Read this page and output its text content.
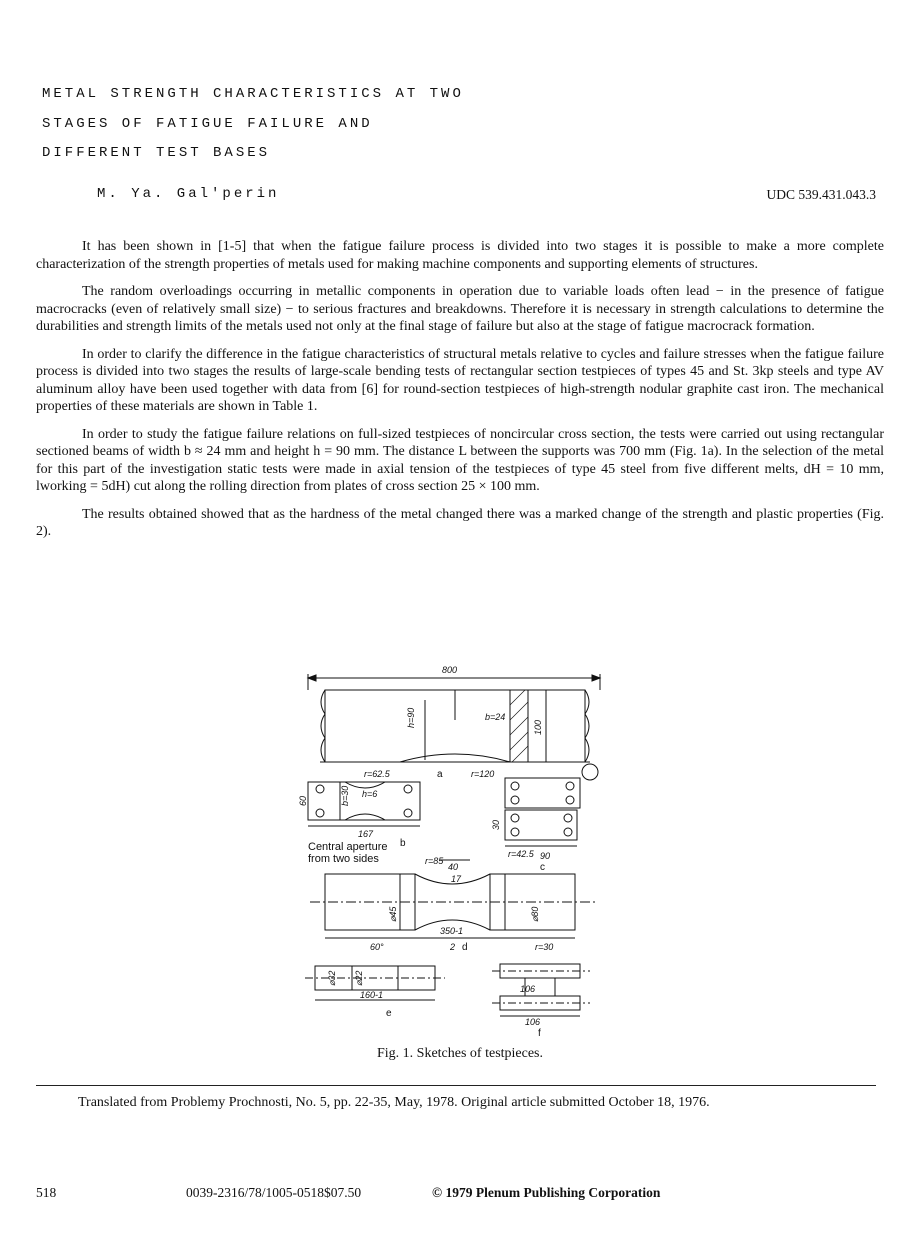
METAL STRENGTH CHARACTERISTICS AT TWO
STAGES OF FATIGUE FAILURE AND
DIFFERENT TEST BASES
M. Ya. Gal'perin	UDC 539.431.043.3

It has been shown in [1-5] that when the fatigue failure process is divided into two stages it is possible to make a more complete characterization of the strength properties of metals used for making machine components and supporting elements of structures.

The random overloadings occurring in metallic components in operation due to variable loads often lead − in the presence of fatigue macrocracks (even of relatively small size) − to serious fractures and breakdowns. Therefore it is necessary in strength calculations to determine the durabilities and strength limits of the metals used not only at the final stage of failure but also at the stage of fatigue macrocrack formation.

In order to clarify the difference in the fatigue characteristics of structural metals relative to cycles and failure stresses when the fatigue failure process is divided into two stages the results of large-scale bending tests of rectangular section testpieces of types 45 and St. 3kp steels and type AV aluminum alloy have been used together with data from [6] for round-section testpieces of high-strength nodular graphite cast iron. The mechanical properties of these materials are shown in Table 1.

In order to study the fatigue failure relations on full-sized testpieces of noncircular cross section, the tests were carried out using rectangular sectioned beams of width b ≈ 24 mm and height h = 90 mm. The distance L between the supports was 700 mm (Fig. 1a). In the selection of the metal for this part of the investigation static tests were made in axial tension of the testpieces of type 45 steel from five different melts, dH = 10 mm, lworking = 5dH) cut along the rolling direction from plates of cross section 25 × 100 mm.

The results obtained showed that as the hardness of the metal changed there was a marked change of the strength and plastic properties (Fig. 2).

800
h=90	b=24
100
r=62.5	r=120
60	b=30 h=6
167
30
r=42.5 90
r=85
40
17
⌀45	⌀80
350-1
2
60°
⌀32 ⌀22
160-1
r=30
106
106
a
b
c
d
e
f
Central aperture
from two sides
Fig. 1. Sketches of testpieces.
Translated from Problemy Prochnosti, No. 5, pp. 22-35, May, 1978. Original article submitted October 18, 1976.
518	0039-2316/78/1005-0518$07.50	© 1979 Plenum Publishing Corporation
